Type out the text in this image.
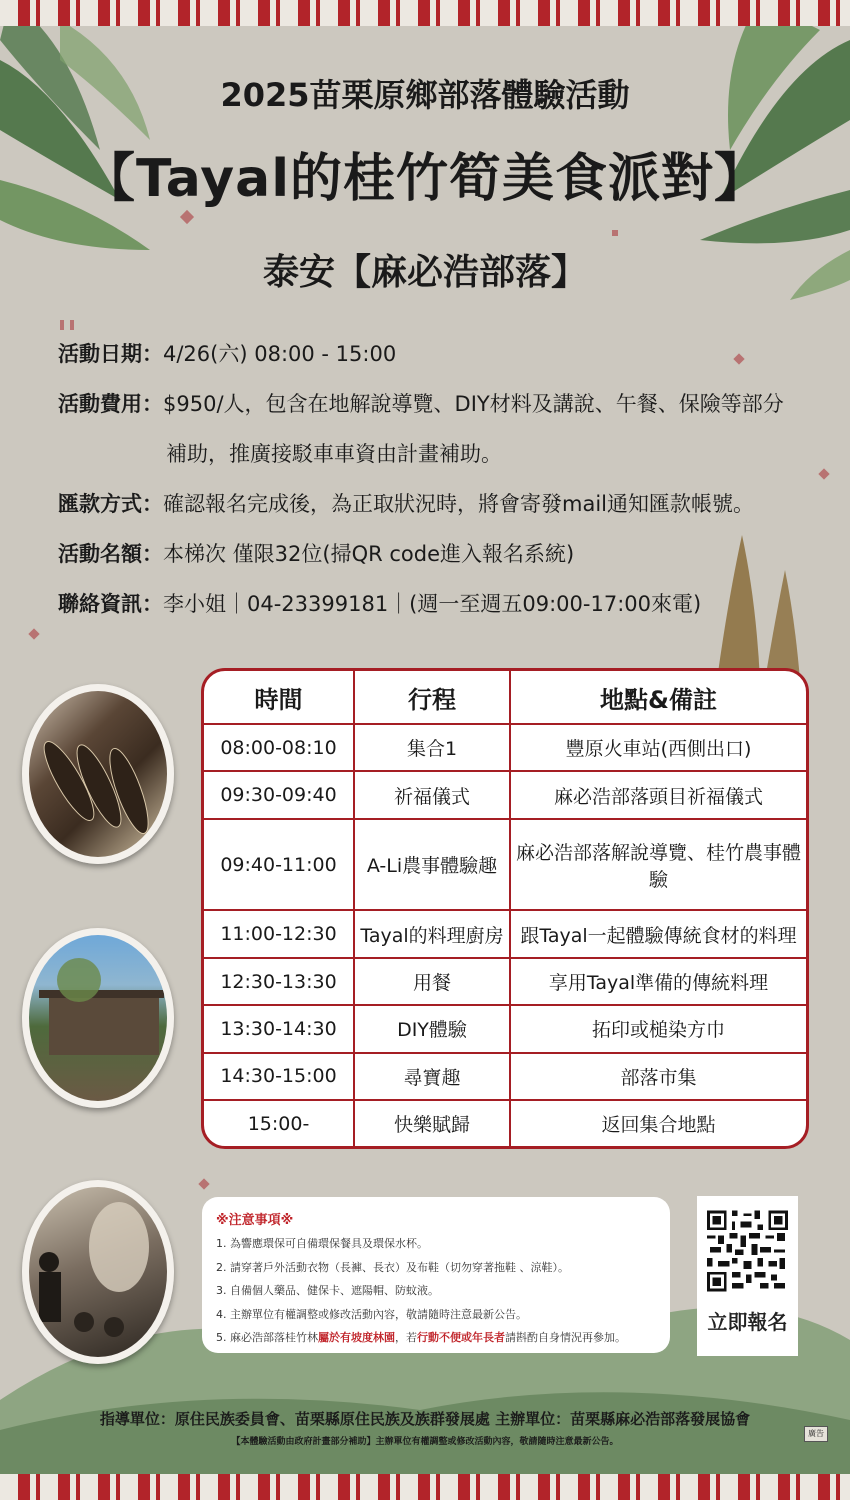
2025苗栗原鄉部落體驗活動
【Tayal的桂竹筍美食派對】
泰安【麻必浩部落】
活動日期：4/26(六) 08:00 - 15:00
活動費用：$950/人，包含在地解說導覽、DIY材料及講說、午餐、保險等部分
補助，推廣接駁車車資由計畫補助。
匯款方式：確認報名完成後，為正取狀況時，將會寄發mail通知匯款帳號。
活動名額：本梯次 僅限32位(掃QR code進入報名系統)
聯絡資訊：李小姐｜04-23399181｜(週一至週五09:00-17:00來電)
時間	行程	地點&備註
08:00-08:10	集合1	豐原火車站(西側出口)
09:30-09:40	祈福儀式	麻必浩部落頭目祈福儀式
09:40-11:00	A-Li農事體驗趣	麻必浩部落解說導覽、桂竹農事體驗
11:00-12:30	Tayal的料理廚房	跟Tayal一起體驗傳統食材的料理
12:30-13:30	用餐	享用Tayal準備的傳統料理
13:30-14:30	DIY體驗	拓印或槌染方巾
14:30-15:00	尋寶趣	部落市集
15:00-	快樂賦歸	返回集合地點
※注意事項※
1. 為響應環保可自備環保餐具及環保水杯。
2. 請穿著戶外活動衣物（長褲、長衣）及布鞋（切勿穿著拖鞋 、涼鞋）。
3. 自備個人藥品、健保卡、遮陽帽、防蚊液。
4. 主辦單位有權調整或修改活動內容，敬請隨時注意最新公告。
5. 麻必浩部落桂竹林屬於有坡度林園，若行動不便或年長者請斟酌自身情況再參加。
立即報名
指導單位：原住民族委員會、苗栗縣原住民族及族群發展處 主辦單位：苗栗縣麻必浩部落發展協會
【本體驗活動由政府計畫部分補助】主辦單位有權調整或修改活動內容，敬請隨時注意最新公告。
廣告
